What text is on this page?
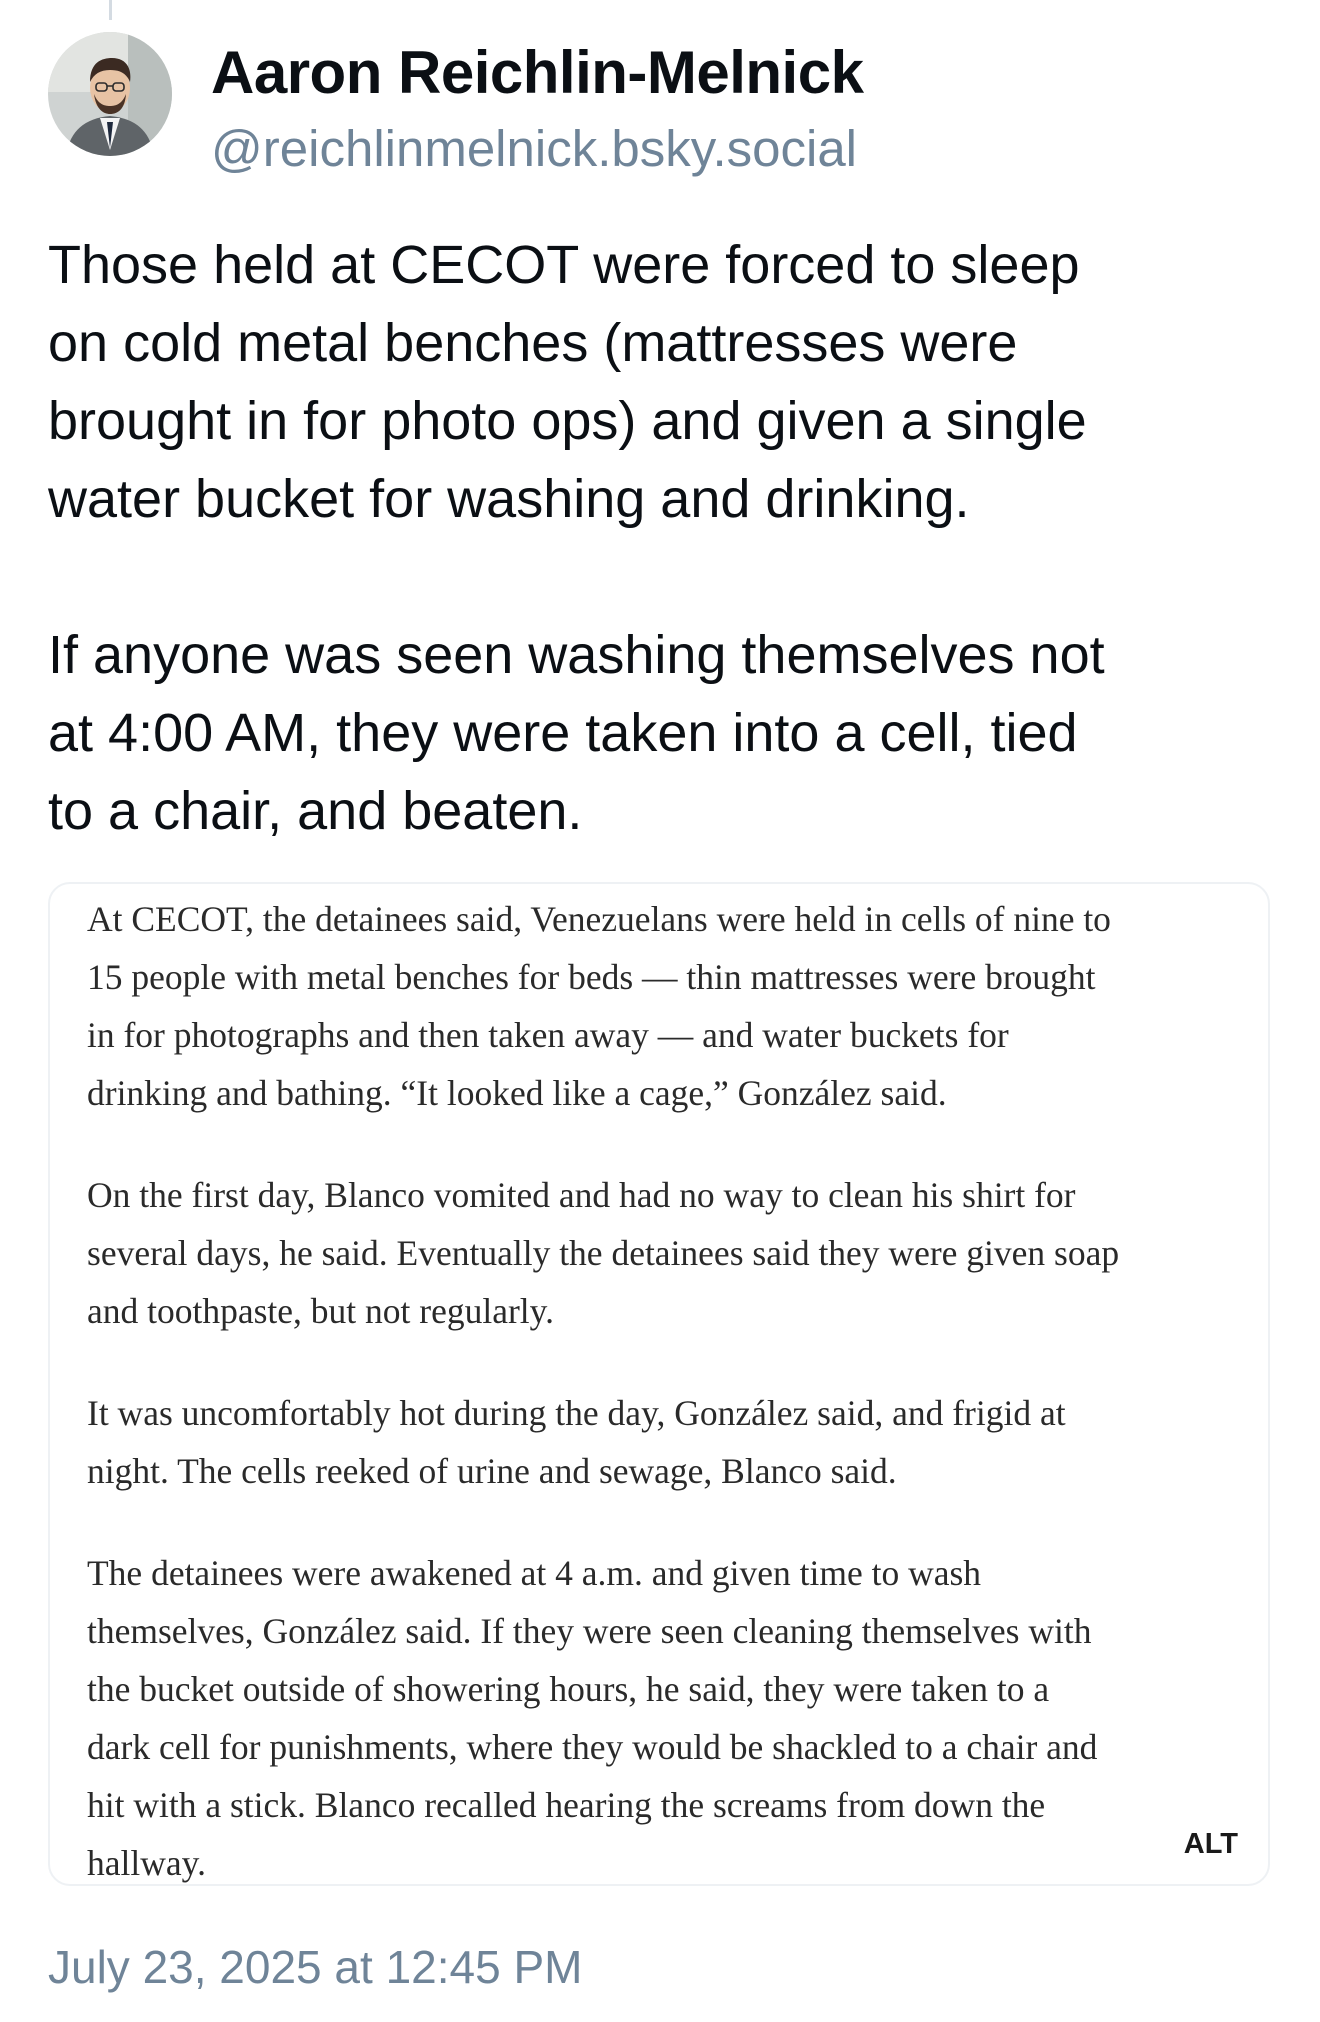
Aaron Reichlin-Melnick
@reichlinmelnick.bsky.social

Those held at CECOT were forced to sleep
on cold metal benches (mattresses were
brought in for photo ops) and given a single
water bucket for washing and drinking.

If anyone was seen washing themselves not
at 4:00 AM, they were taken into a cell, tied
to a chair, and beaten.

At CECOT, the detainees said, Venezuelans were held in cells of nine to
15 people with metal benches for beds — thin mattresses were brought
in for photographs and then taken away — and water buckets for
drinking and bathing. “It looked like a cage,” González said.

On the first day, Blanco vomited and had no way to clean his shirt for
several days, he said. Eventually the detainees said they were given soap
and toothpaste, but not regularly.

It was uncomfortably hot during the day, González said, and frigid at
night. The cells reeked of urine and sewage, Blanco said.

The detainees were awakened at 4 a.m. and given time to wash
themselves, González said. If they were seen cleaning themselves with
the bucket outside of showering hours, he said, they were taken to a
dark cell for punishments, where they would be shackled to a chair and
hit with a stick. Blanco recalled hearing the screams from down the
hallway.	ALT
July 23, 2025 at 12:45 PM
